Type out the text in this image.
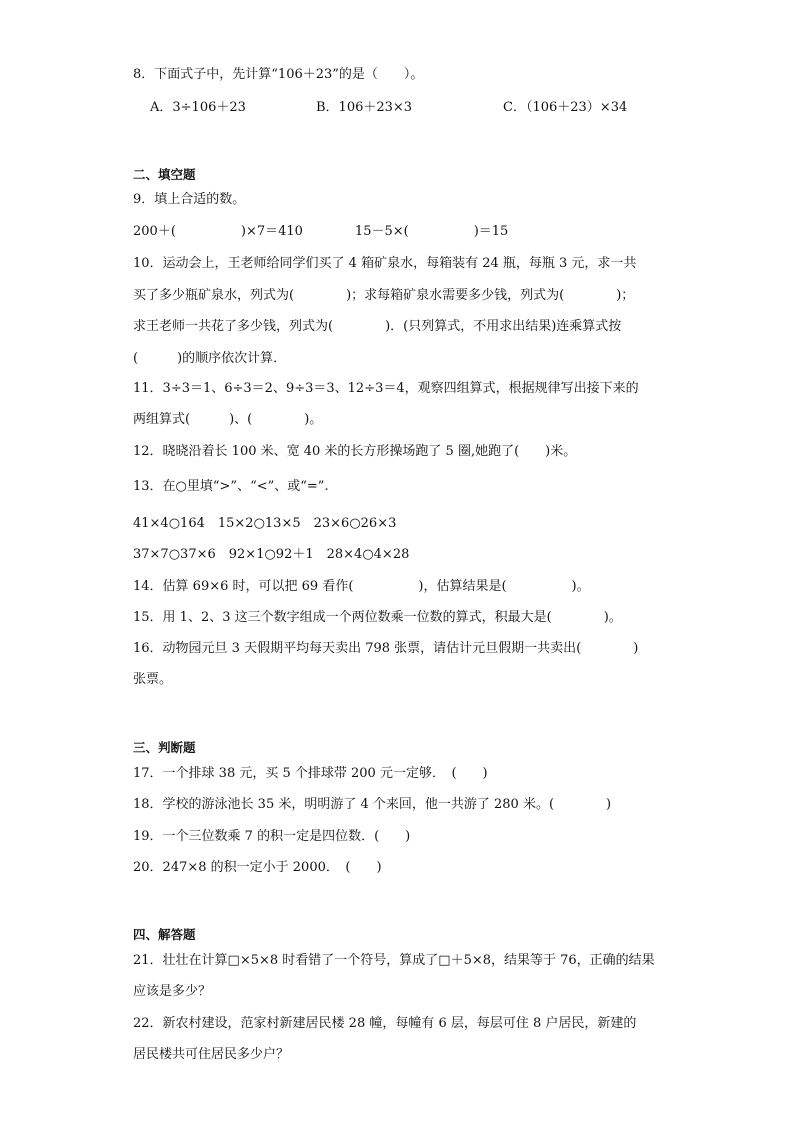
8．下面式子中，先计算“106＋23”的是（　　）。
A．3÷106＋23	B．106＋23×3	C．（106＋23）×34
二、填空题
9．填上合适的数。
200＋(　　　　　)×7＝410　　　　15－5×(　　　　　)＝15
10．运动会上，王老师给同学们买了 4 箱矿泉水，每箱装有 24 瓶，每瓶 3 元，求一共
买了多少瓶矿泉水，列式为(　　　　)；求每箱矿泉水需要多少钱，列式为(　　　　)；
求王老师一共花了多少钱，列式为(　　　　)．(只列算式，不用求出结果)连乘算式按
(　　　)的顺序依次计算．
11．3÷3＝1、6÷3＝2、9÷3＝3、12÷3＝4，观察四组算式，根据规律写出接下来的
两组算式(　　　)、(　　　　)。
12．晓晓沿着长 100 米、宽 40 米的长方形操场跑了 5 圈,她跑了(　　)米。
13．在○里填“>”、“<”、或“=”.
41×4○164　15×2○13×5　23×6○26×3
37×7○37×6　92×1○92＋1　28×4○4×28
14．估算 69×6 时，可以把 69 看作(　　　　　)，估算结果是(　　　　　)。
15．用 1、2、3 这三个数字组成一个两位数乘一位数的算式，积最大是(　　　　)。
16．动物园元旦 3 天假期平均每天卖出 798 张票，请估计元旦假期一共卖出(　　　　)
张票。
三、判断题
17．一个排球 38 元，买 5 个排球带 200 元一定够．　(　　)
18．学校的游泳池长 35 米，明明游了 4 个来回，他一共游了 280 米。(　　　　)
19．一个三位数乘 7 的积一定是四位数．(　　)
20．247×8 的积一定小于 2000．　(　　)
四、解答题
21．壮壮在计算□×5×8 时看错了一个符号，算成了□＋5×8，结果等于 76，正确的结果
应该是多少？
22．新农村建设，范家村新建居民楼 28 幢，每幢有 6 层，每层可住 8 户居民，新建的
居民楼共可住居民多少户？
